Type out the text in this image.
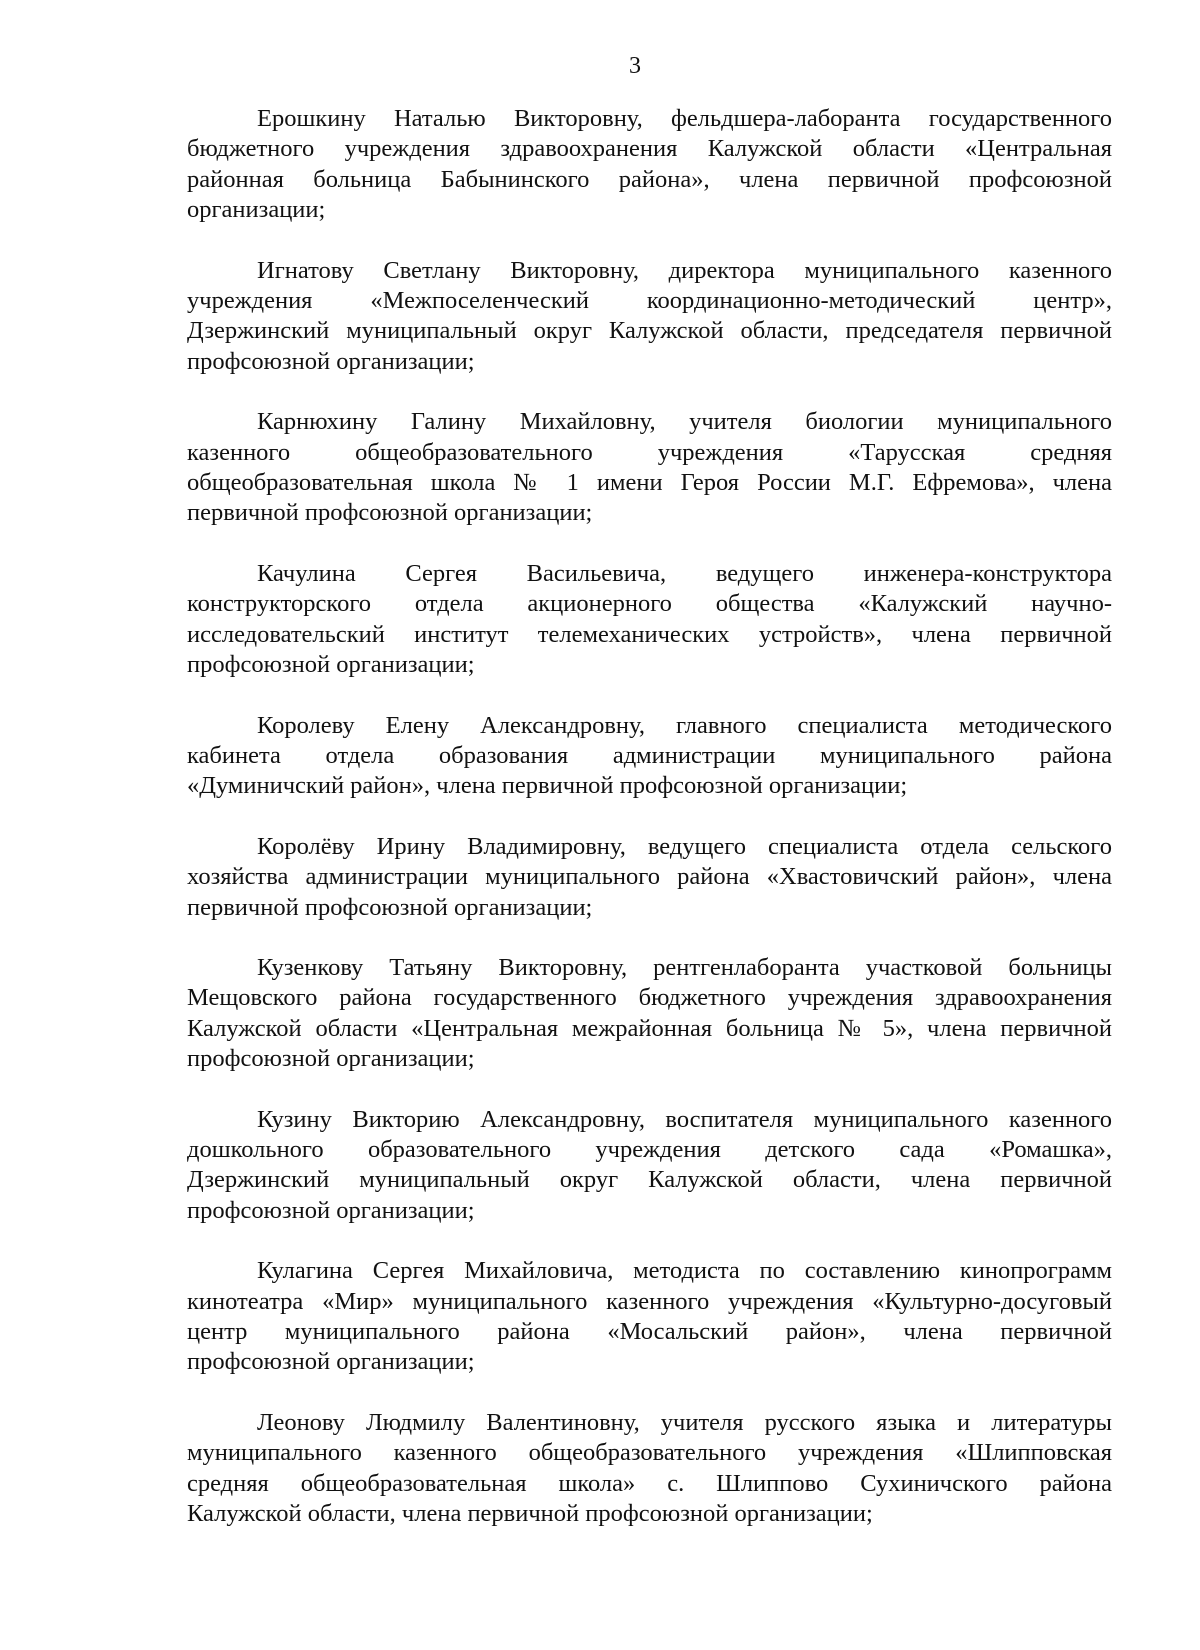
3
Ерошкину Наталью Викторовну, фельдшера-лаборанта государственного
бюджетного учреждения здравоохранения Калужской области «Центральная
районная больница Бабынинского района», члена первичной профсоюзной
организации;
Игнатову Светлану Викторовну, директора муниципального казенного
учреждения «Межпоселенческий координационно-методический центр»,
Дзержинский муниципальный округ Калужской области, председателя первичной
профсоюзной организации;
Карнюхину Галину Михайловну, учителя биологии муниципального
казенного общеобразовательного учреждения «Тарусская средняя
общеобразовательная школа № 1 имени Героя России М.Г. Ефремова», члена
первичной профсоюзной организации;
Качулина Сергея Васильевича, ведущего инженера-конструктора
конструкторского отдела акционерного общества «Калужский научно-
исследовательский институт телемеханических устройств», члена первичной
профсоюзной организации;
Королеву Елену Александровну, главного специалиста методического
кабинета отдела образования администрации муниципального района
«Думиничский район», члена первичной профсоюзной организации;
Королёву Ирину Владимировну, ведущего специалиста отдела сельского
хозяйства администрации муниципального района «Хвастовичский район», члена
первичной профсоюзной организации;
Кузенкову Татьяну Викторовну, рентгенлаборанта участковой больницы
Мещовского района государственного бюджетного учреждения здравоохранения
Калужской области «Центральная межрайонная больница № 5», члена первичной
профсоюзной организации;
Кузину Викторию Александровну, воспитателя муниципального казенного
дошкольного образовательного учреждения детского сада «Ромашка»,
Дзержинский муниципальный округ Калужской области, члена первичной
профсоюзной организации;
Кулагина Сергея Михайловича, методиста по составлению кинопрограмм
кинотеатра «Мир» муниципального казенного учреждения «Культурно-досуговый
центр муниципального района «Мосальский район», члена первичной
профсоюзной организации;
Леонову Людмилу Валентиновну, учителя русского языка и литературы
муниципального казенного общеобразовательного учреждения «Шлипповская
средняя общеобразовательная школа» с. Шлиппово Сухиничского района
Калужской области, члена первичной профсоюзной организации;
